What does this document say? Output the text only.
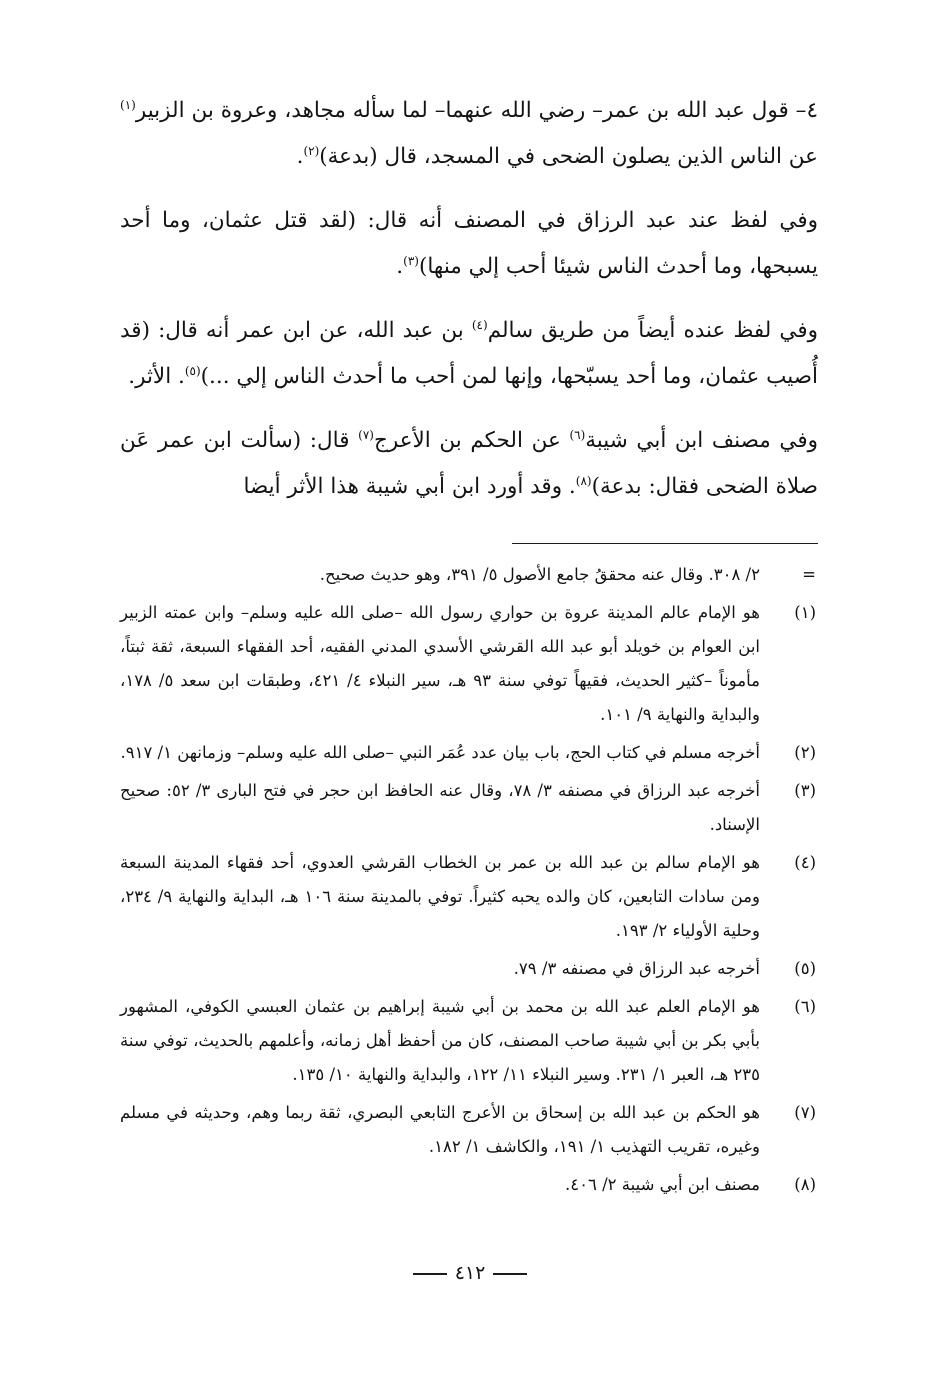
٤– قول عبد الله بن عمر– رضي الله عنهما– لما سأله مجاهد، وعروة بن الزبير$^{(١)}$ عن الناس الذين يصلون الضحى في المسجد، قال (بدعة)$^{(٢)}$.

وفي لفظ عند عبد الرزاق في المصنف أنه قال: (لقد قتل عثمان، وما أحد يسبحها، وما أحدث الناس شيئا أحب إلي منها)$^{(٣)}$.

وفي لفظ عنده أيضاً من طريق سالم$^{(٤)}$ بن عبد الله، عن ابن عمر أنه قال: (قد أُصيب عثمان، وما أحد يسبّحها، وإنها لمن أحب ما أحدث الناس إلي ...)$^{(٥)}$. الأثر.

وفي مصنف ابن أبي شيبة$^{(٦)}$ عن الحكم بن الأعرج$^{(٧)}$ قال: (سألت ابن عمر عَن صلاة الضحى فقال: بدعة)$^{(٨)}$. وقد أورد ابن أبي شيبة هذا الأثر أيضا

=
٢/ ٣٠٨. وقال عنه محققُ جامع الأصول ٥/ ٣٩١، وهو حديث صحيح.
(١)
هو الإمام عالم المدينة عروة بن حواري رسول الله –صلى الله عليه وسلم– وابن عمته الزبير ابن العوام بن خويلد أبو عبد الله القرشي الأسدي المدني الفقيه، أحد الفقهاء السبعة، ثقة ثبتاً، مأموناً –كثير الحديث، فقيهاً توفي سنة ٩٣ هـ، سير النبلاء ٤/ ٤٢١، وطبقات ابن سعد ٥/ ١٧٨، والبداية والنهاية ٩/ ١٠١.
(٢)
أخرجه مسلم في كتاب الحج، باب بيان عدد عُمَر النبي –صلى الله عليه وسلم– وزمانهن ١/ ٩١٧.
(٣)
أخرجه عبد الرزاق في مصنفه ٣/ ٧٨، وقال عنه الحافظ ابن حجر في فتح البارى ٣/ ٥٢: صحيح الإسناد.
(٤)
هو الإمام سالم بن عبد الله بن عمر بن الخطاب القرشي العدوي، أحد فقهاء المدينة السبعة ومن سادات التابعين، كان والده يحبه كثيراً. توفي بالمدينة سنة ١٠٦ هـ، البداية والنهاية ٩/ ٢٣٤، وحلية الأولياء ٢/ ١٩٣.
(٥)
أخرجه عبد الرزاق في مصنفه ٣/ ٧٩.
(٦)
هو الإمام العلم عبد الله بن محمد بن أبي شيبة إبراهيم بن عثمان العبسي الكوفي، المشهور بأبي بكر بن أبي شيبة صاحب المصنف، كان من أحفظ أهل زمانه، وأعلمهم بالحديث، توفي سنة ٢٣٥ هـ، العبر ١/ ٢٣١. وسير النبلاء ١١/ ١٢٢، والبداية والنهاية ١٠/ ١٣٥.
(٧)
هو الحكم بن عبد الله بن إسحاق بن الأعرج التابعي البصري، ثقة ربما وهم، وحديثه في مسلم وغيره، تقريب التهذيب ١/ ١٩١، والكاشف ١/ ١٨٢.
(٨)
مصنف ابن أبي شيبة ٢/ ٤٠٦.
٤١٢
